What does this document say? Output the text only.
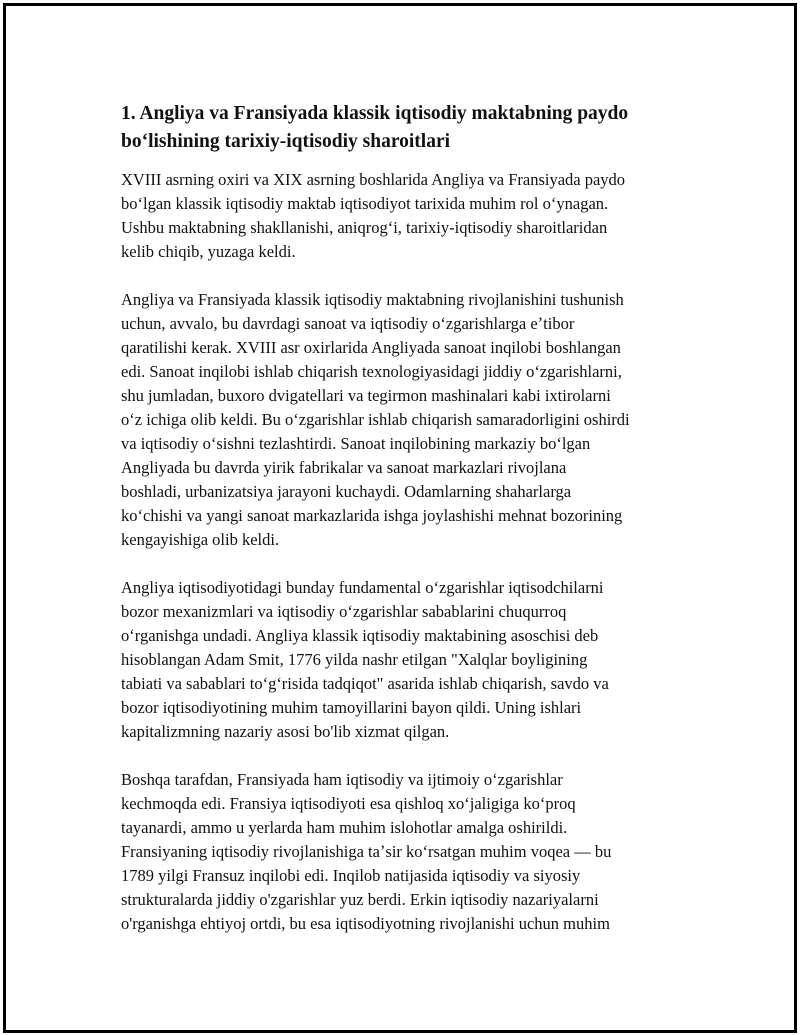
1. Angliya va Fransiyada klassik iqtisodiy maktabning paydo
boʻlishining tarixiy-iqtisodiy sharoitlari

XVIII asrning oxiri va XIX asrning boshlarida Angliya va Fransiyada paydo
boʻlgan klassik iqtisodiy maktab iqtisodiyot tarixida muhim rol oʻynagan.
Ushbu maktabning shakllanishi, aniqrogʻi, tarixiy-iqtisodiy sharoitlaridan
kelib chiqib, yuzaga keldi.

Angliya va Fransiyada klassik iqtisodiy maktabning rivojlanishini tushunish
uchun, avvalo, bu davrdagi sanoat va iqtisodiy oʻzgarishlarga eʼtibor
qaratilishi kerak. XVIII asr oxirlarida Angliyada sanoat inqilobi boshlangan
edi. Sanoat inqilobi ishlab chiqarish texnologiyasidagi jiddiy oʻzgarishlarni,
shu jumladan, buxoro dvigatellari va tegirmon mashinalari kabi ixtirolarni
oʻz ichiga olib keldi. Bu oʻzgarishlar ishlab chiqarish samaradorligini oshirdi
va iqtisodiy oʻsishni tezlashtirdi. Sanoat inqilobining markaziy boʻlgan
Angliyada bu davrda yirik fabrikalar va sanoat markazlari rivojlana
boshladi, urbanizatsiya jarayoni kuchaydi. Odamlarning shaharlarga
koʻchishi va yangi sanoat markazlarida ishga joylashishi mehnat bozorining
kengayishiga olib keldi.

Angliya iqtisodiyotidagi bunday fundamental oʻzgarishlar iqtisodchilarni
bozor mexanizmlari va iqtisodiy oʻzgarishlar sabablarini chuqurroq
oʻrganishga undadi. Angliya klassik iqtisodiy maktabining asoschisi deb
hisoblangan Adam Smit, 1776 yilda nashr etilgan "Xalqlar boyligining
tabiati va sabablari toʻgʻrisida tadqiqot" asarida ishlab chiqarish, savdo va
bozor iqtisodiyotining muhim tamoyillarini bayon qildi. Uning ishlari
kapitalizmning nazariy asosi bo'lib xizmat qilgan.

Boshqa tarafdan, Fransiyada ham iqtisodiy va ijtimoiy oʻzgarishlar
kechmoqda edi. Fransiya iqtisodiyoti esa qishloq xoʻjaligiga koʻproq
tayanardi, ammo u yerlarda ham muhim islohotlar amalga oshirildi.
Fransiyaning iqtisodiy rivojlanishiga taʼsir koʻrsatgan muhim voqea — bu
1789 yilgi Fransuz inqilobi edi. Inqilob natijasida iqtisodiy va siyosiy
strukturalarda jiddiy o'zgarishlar yuz berdi. Erkin iqtisodiy nazariyalarni
o'rganishga ehtiyoj ortdi, bu esa iqtisodiyotning rivojlanishi uchun muhim
